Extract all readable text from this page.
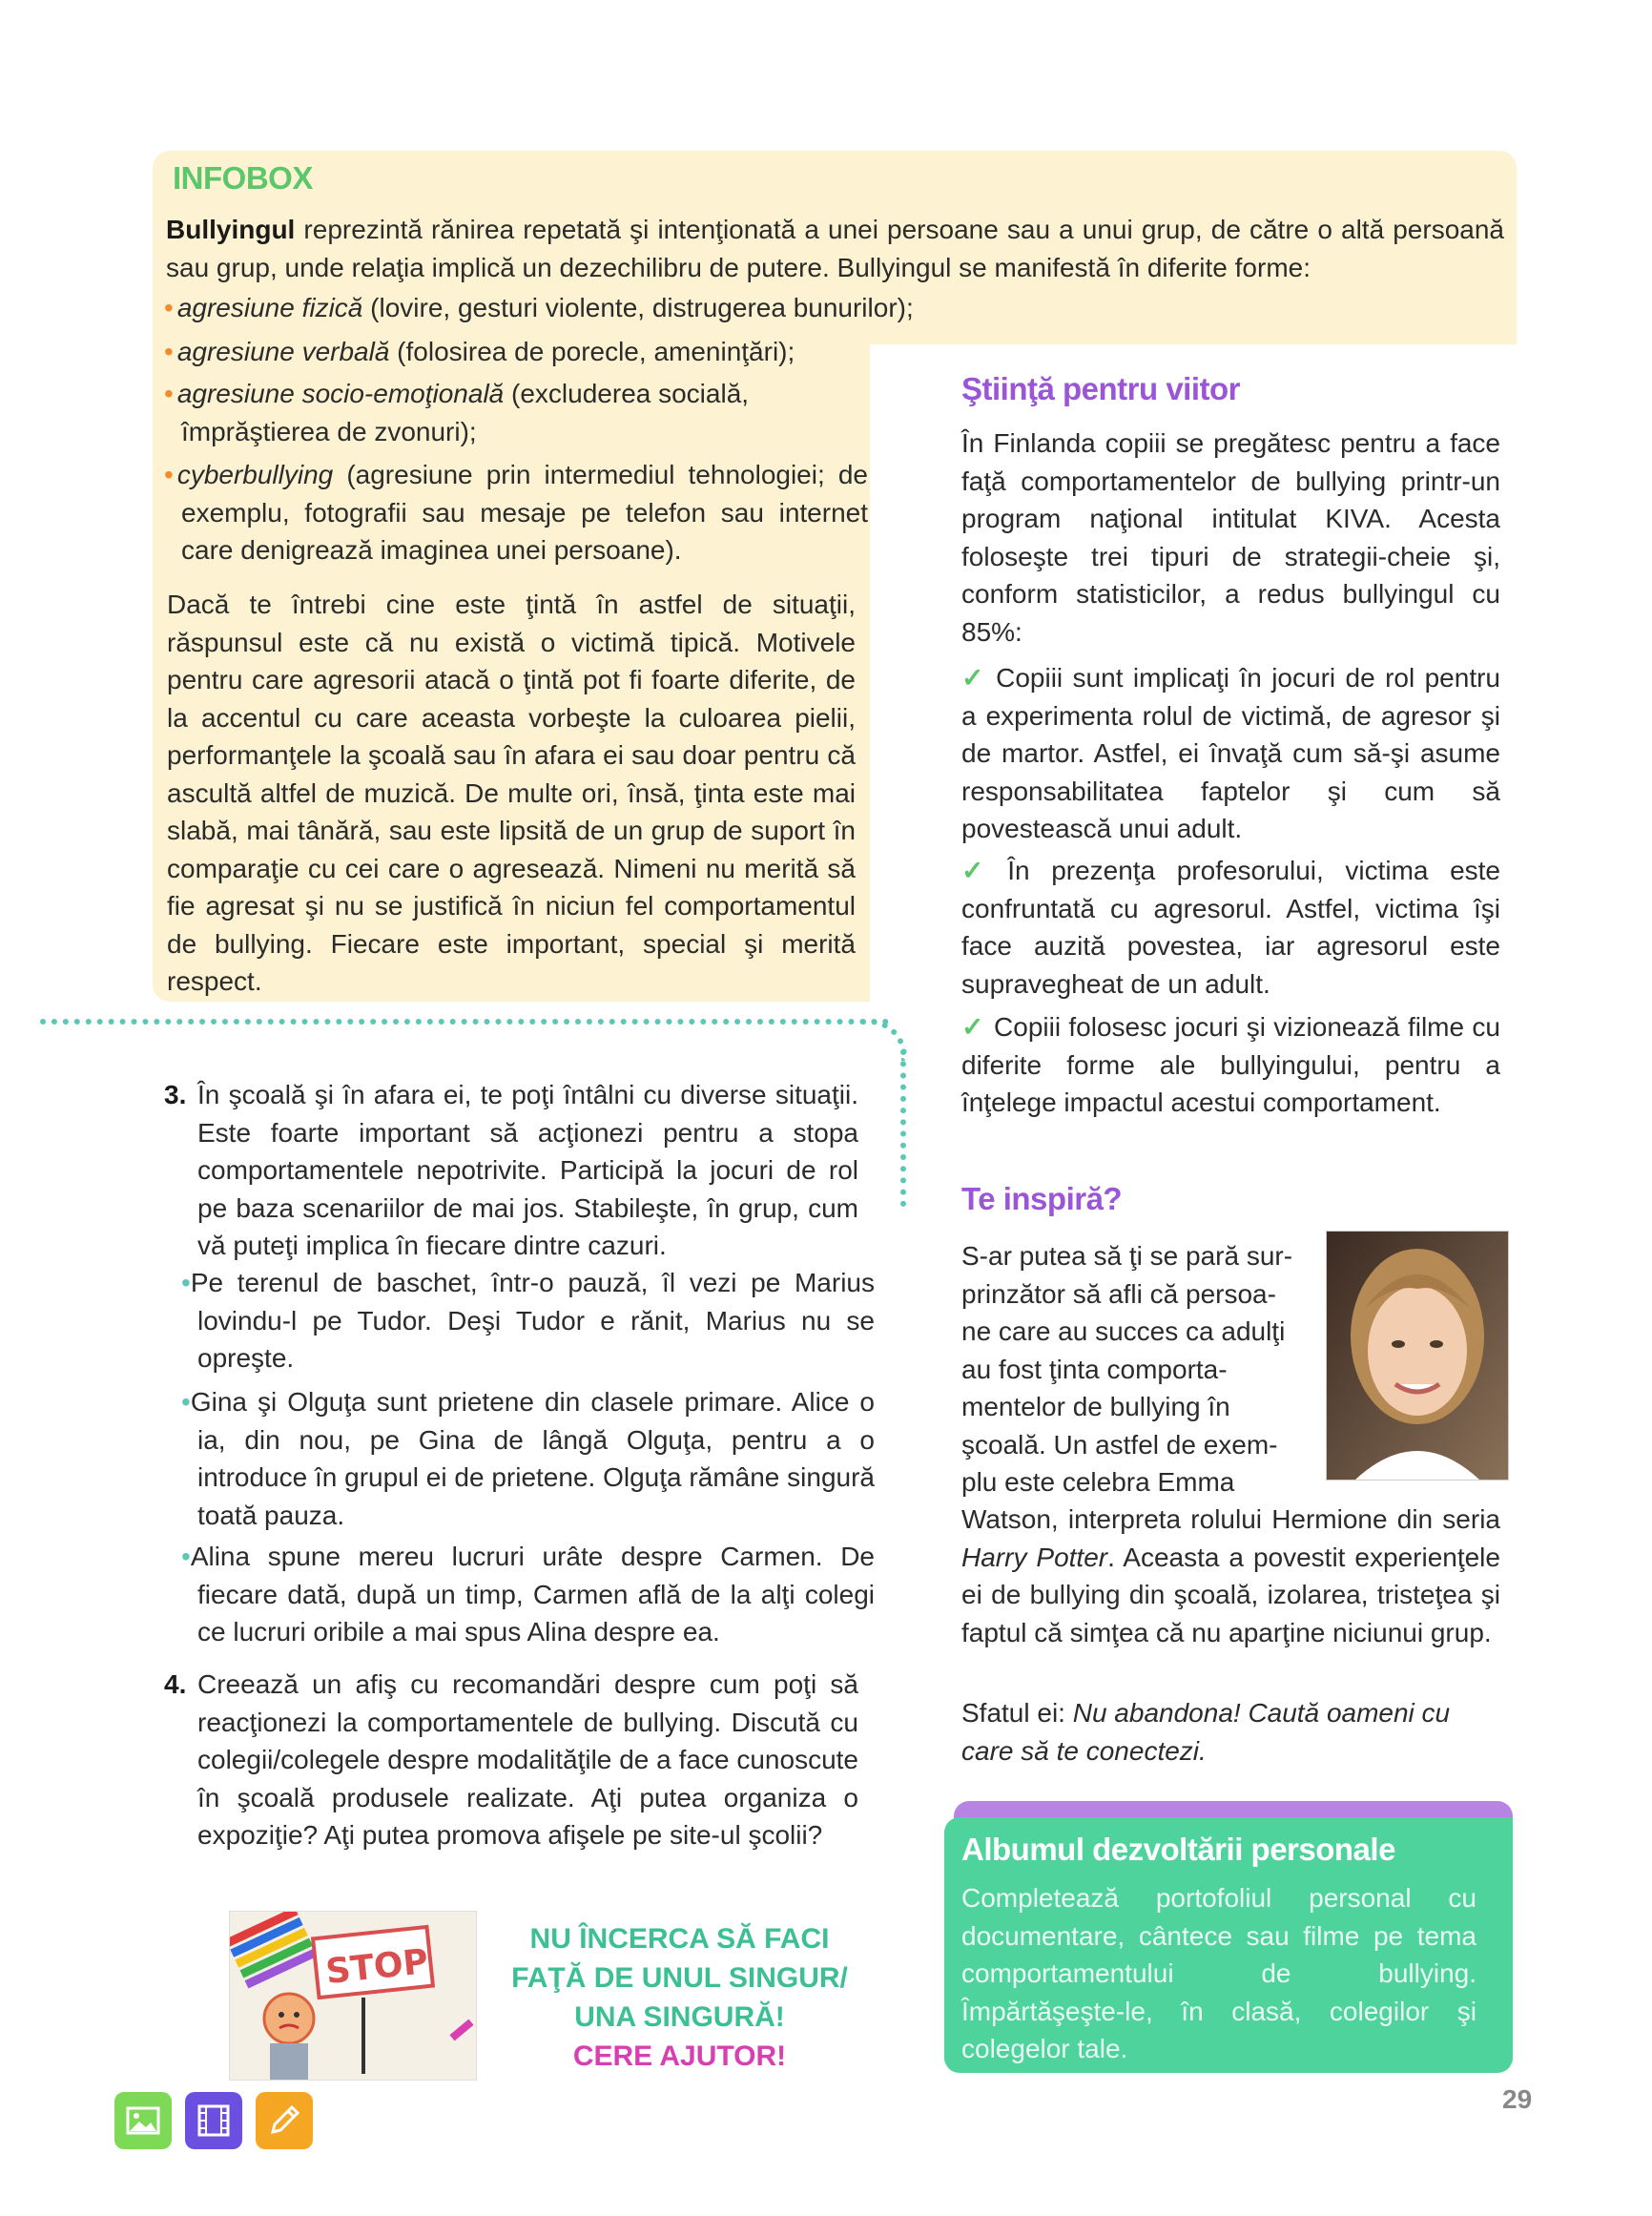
INFOBOX
Bullyingul reprezintă rănirea repetată şi intenţionată a unei persoane sau a unui grup, de către o altă persoană sau grup, unde relaţia implică un dezechilibru de putere. Bullyingul se manifestă în diferite forme:
• agresiune fizică (lovire, gesturi violente, distrugerea bunurilor);
• agresiune verbală (folosirea de porecle, ameninţări);
• agresiune socio-emoţională (excluderea socială, împrăştierea de zvonuri);
• cyberbullying (agresiune prin intermediul tehnologiei; de exemplu, fotografii sau mesaje pe telefon sau internet care denigrează imaginea unei persoane).
Dacă te întrebi cine este ţintă în astfel de situaţii, răspunsul este că nu există o victimă tipică. Motivele pentru care agresorii atacă o ţintă pot fi foarte diferite, de la accentul cu care aceasta vorbeşte la culoarea pielii, performanţele la şcoală sau în afara ei sau doar pentru că ascultă altfel de muzică. De multe ori, însă, ţinta este mai slabă, mai tânără, sau este lipsită de un grup de suport în comparaţie cu cei care o agresează. Nimeni nu merită să fie agresat şi nu se justifică în niciun fel comportamentul de bullying. Fiecare este important, special şi merită respect.
3. În şcoală şi în afara ei, te poţi întâlni cu diverse situaţii. Este foarte important să acţionezi pentru a stopa comportamentele nepotrivite. Participă la jocuri de rol pe baza scenariilor de mai jos. Stabileşte, în grup, cum vă puteţi implica în fiecare dintre cazuri.
•Pe terenul de baschet, într-o pauză, îl vezi pe Marius lovindu-l pe Tudor. Deşi Tudor e rănit, Marius nu se opreşte.
•Gina şi Olguţa sunt prietene din clasele primare. Alice o ia, din nou, pe Gina de lângă Olguţa, pentru a o introduce în grupul ei de prietene. Olguţa rămâne singură toată pauza.
•Alina spune mereu lucruri urâte despre Carmen. De fiecare dată, după un timp, Carmen află de la alţi colegi ce lucruri oribile a mai spus Alina despre ea.
4. Creează un afiş cu recomandări despre cum poţi să reacţionezi la comportamentele de bullying. Discută cu colegii/colegele despre modalităţile de a face cunoscute în şcoală produsele realizate. Aţi putea organiza o expoziţie? Aţi putea promova afişele pe site-ul şcolii?
STOP
NU ÎNCERCA SĂ FACI
FAŢĂ DE UNUL SINGUR/
UNA SINGURĂ!
CERE AJUTOR!
Ştiinţă pentru viitor
În Finlanda copiii se pregătesc pentru a face faţă comportamentelor de bullying printr-un program naţional intitulat KIVA. Acesta foloseşte trei tipuri de strategii-cheie şi, conform statisticilor, a redus bullyingul cu 85%:
✓ Copiii sunt implicaţi în jocuri de rol pentru a experimenta rolul de victimă, de agresor şi de martor. Astfel, ei învaţă cum să-şi asume responsabilitatea faptelor şi cum să povestească unui adult.
✓ În prezenţa profesorului, victima este confruntată cu agresorul. Astfel, victima îşi face auzită povestea, iar agresorul este supravegheat de un adult.
✓ Copiii folosesc jocuri şi vizionează filme cu diferite forme ale bullyingului, pentru a înţelege impactul acestui comportament.
Te inspiră?
S-ar putea să ţi se pară sur-
prinzător să afli că persoa-
ne care au succes ca adulţi
au fost ţinta comporta-
mentelor de bullying în
şcoală. Un astfel de exem-
plu este celebra Emma
Watson, interpreta rolului Hermione din seria Harry Potter. Aceasta a povestit experienţele ei de bullying din şcoală, izolarea, tristeţea şi faptul că simţea că nu aparţine niciunui grup.
Sfatul ei: Nu abandona! Caută oameni cu care să te conectezi.
Albumul dezvoltării personale
Completează portofoliul personal cu documentare, cântece sau filme pe tema comportamentului de bullying. Împărtăşeşte-le, în clasă, colegilor şi colegelor tale.
29
